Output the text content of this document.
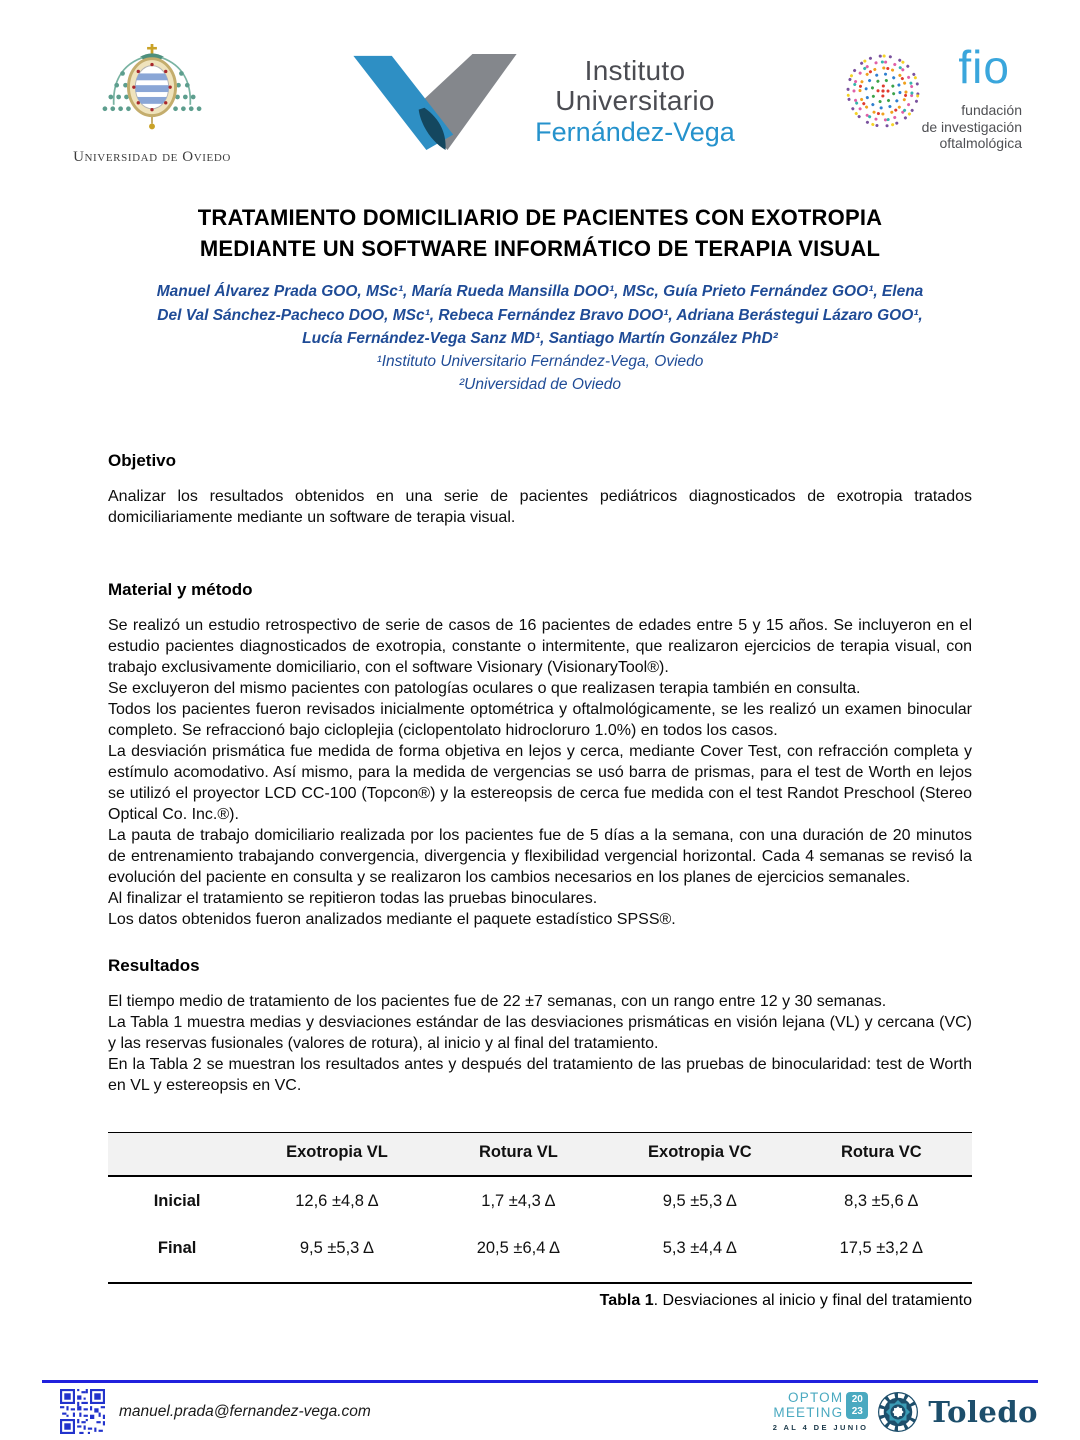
Universidad de Oviedo
Instituto
Universitario
Fernández-Vega
fio
fundación
de investigación
oftalmológica
TRATAMIENTO DOMICILIARIO DE PACIENTES CON EXOTROPIA
MEDIANTE UN SOFTWARE INFORMÁTICO DE TERAPIA VISUAL
Manuel Álvarez Prada GOO, MSc¹, María Rueda Mansilla DOO¹, MSc, Guía Prieto Fernández GOO¹, Elena
Del Val Sánchez-Pacheco DOO, MSc¹, Rebeca Fernández Bravo DOO¹, Adriana Berástegui Lázaro GOO¹,
Lucía Fernández-Vega Sanz MD¹, Santiago Martín González PhD²
¹Instituto Universitario Fernández-Vega, Oviedo
²Universidad de Oviedo
Objetivo

Analizar los resultados obtenidos en una serie de pacientes pediátricos diagnosticados de exotropia tratados domiciliariamente mediante un software de terapia visual.

Material y método

Se realizó un estudio retrospectivo de serie de casos de 16 pacientes de edades entre 5 y 15 años. Se incluyeron en el estudio pacientes diagnosticados de exotropia, constante o intermitente, que realizaron ejercicios de terapia visual, con trabajo exclusivamente domiciliario, con el software Visionary (VisionaryTool®).

Se excluyeron del mismo pacientes con patologías oculares o que realizasen terapia también en consulta.

Todos los pacientes fueron revisados inicialmente optométrica y oftalmológicamente, se les realizó un examen binocular completo. Se refraccionó bajo cicloplejia (ciclopentolato hidrocloruro 1.0%) en todos los casos.

La desviación prismática fue medida de forma objetiva en lejos y cerca, mediante Cover Test, con refracción completa y estímulo acomodativo. Así mismo, para la medida de vergencias se usó barra de prismas, para el test de Worth en lejos se utilizó el proyector LCD CC-100 (Topcon®) y la estereopsis de cerca fue medida con el test Randot Preschool (Stereo Optical Co. Inc.®).

La pauta de trabajo domiciliario realizada por los pacientes fue de 5 días a la semana, con una duración de 20 minutos de entrenamiento trabajando convergencia, divergencia y flexibilidad vergencial horizontal. Cada 4 semanas se revisó la evolución del paciente en consulta y se realizaron los cambios necesarios en los planes de ejercicios semanales.

Al finalizar el tratamiento se repitieron todas las pruebas binoculares.

Los datos obtenidos fueron analizados mediante el paquete estadístico SPSS®.

Resultados

El tiempo medio de tratamiento de los pacientes fue de 22 ±7 semanas, con un rango entre 12 y 30 semanas.

La Tabla 1 muestra medias y desviaciones estándar de las desviaciones prismáticas en visión lejana (VL) y cercana (VC) y las reservas fusionales (valores de rotura), al inicio y al final del tratamiento.

En la Tabla 2 se muestran los resultados antes y después del tratamiento de las pruebas de binocularidad: test de Worth en VL y estereopsis en VC.

	Exotropia VL	Rotura VL	Exotropia VC	Rotura VC
Inicial	12,6 ±4,8 Δ	1,7 ±4,3 Δ	9,5 ±5,3 Δ	8,3 ±5,6 Δ
Final	9,5 ±5,3 Δ	20,5 ±6,4 Δ	5,3 ±4,4 Δ	17,5 ±3,2 Δ
Tabla 1. Desviaciones al inicio y final del tratamiento
manuel.prada@fernandez-vega.com
OPTOM
MEETING
20
23
2 AL 4 DE JUNIO Toledo
